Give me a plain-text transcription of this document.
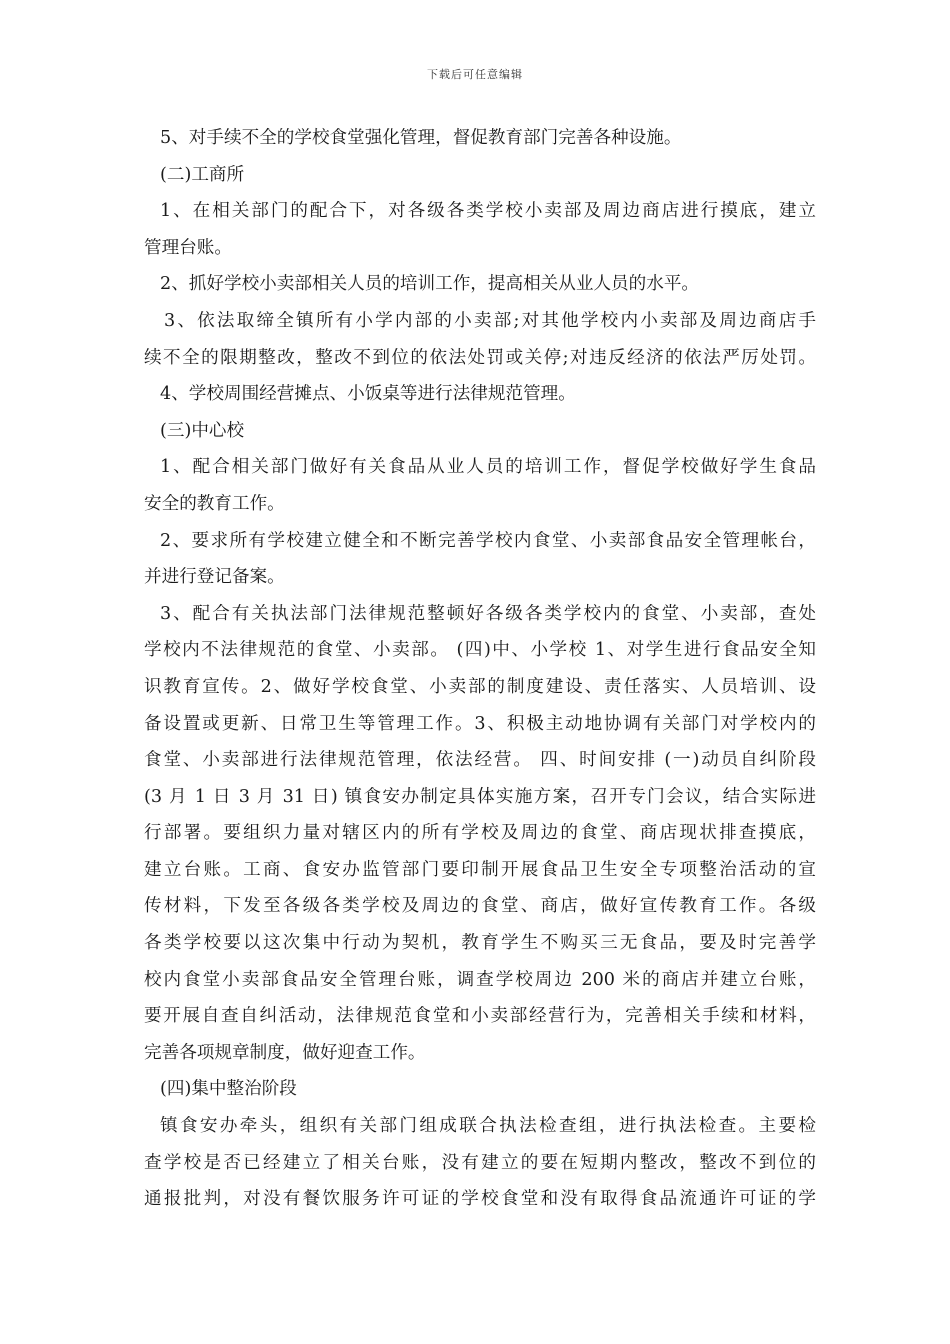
下载后可任意编辑
5、对手续不全的学校食堂强化管理，督促教育部门完善各种设施。
(二)工商所
1、在相关部门的配合下，对各级各类学校小卖部及周边商店进行摸底，建立
管理台账。
2、抓好学校小卖部相关人员的培训工作，提高相关从业人员的水平。
3、依法取缔全镇所有小学内部的小卖部;对其他学校内小卖部及周边商店手
续不全的限期整改，整改不到位的依法处罚或关停;对违反经济的依法严厉处罚。
4、学校周围经营摊点、小饭桌等进行法律规范管理。
(三)中心校
1、配合相关部门做好有关食品从业人员的培训工作，督促学校做好学生食品
安全的教育工作。
2、要求所有学校建立健全和不断完善学校内食堂、小卖部食品安全管理帐台，
并进行登记备案。
3、配合有关执法部门法律规范整顿好各级各类学校内的食堂、小卖部，查处
学校内不法律规范的食堂、小卖部。 (四)中、小学校 1、对学生进行食品安全知
识教育宣传。2、做好学校食堂、小卖部的制度建设、责任落实、人员培训、设
备设置或更新、日常卫生等管理工作。3、积极主动地协调有关部门对学校内的
食堂、小卖部进行法律规范管理，依法经营。 四、时间安排 (一)动员自纠阶段
(3 月 1 日 3 月 31 日) 镇食安办制定具体实施方案，召开专门会议，结合实际进
行部署。要组织力量对辖区内的所有学校及周边的食堂、商店现状排查摸底，
建立台账。工商、食安办监管部门要印制开展食品卫生安全专项整治活动的宣
传材料，下发至各级各类学校及周边的食堂、商店，做好宣传教育工作。各级
各类学校要以这次集中行动为契机，教育学生不购买三无食品，要及时完善学
校内食堂小卖部食品安全管理台账，调查学校周边 200 米的商店并建立台账，
要开展自查自纠活动，法律规范食堂和小卖部经营行为，完善相关手续和材料，
完善各项规章制度，做好迎查工作。
(四)集中整治阶段
镇食安办牵头，组织有关部门组成联合执法检查组，进行执法检查。主要检
查学校是否已经建立了相关台账，没有建立的要在短期内整改，整改不到位的
通报批判，对没有餐饮服务许可证的学校食堂和没有取得食品流通许可证的学
